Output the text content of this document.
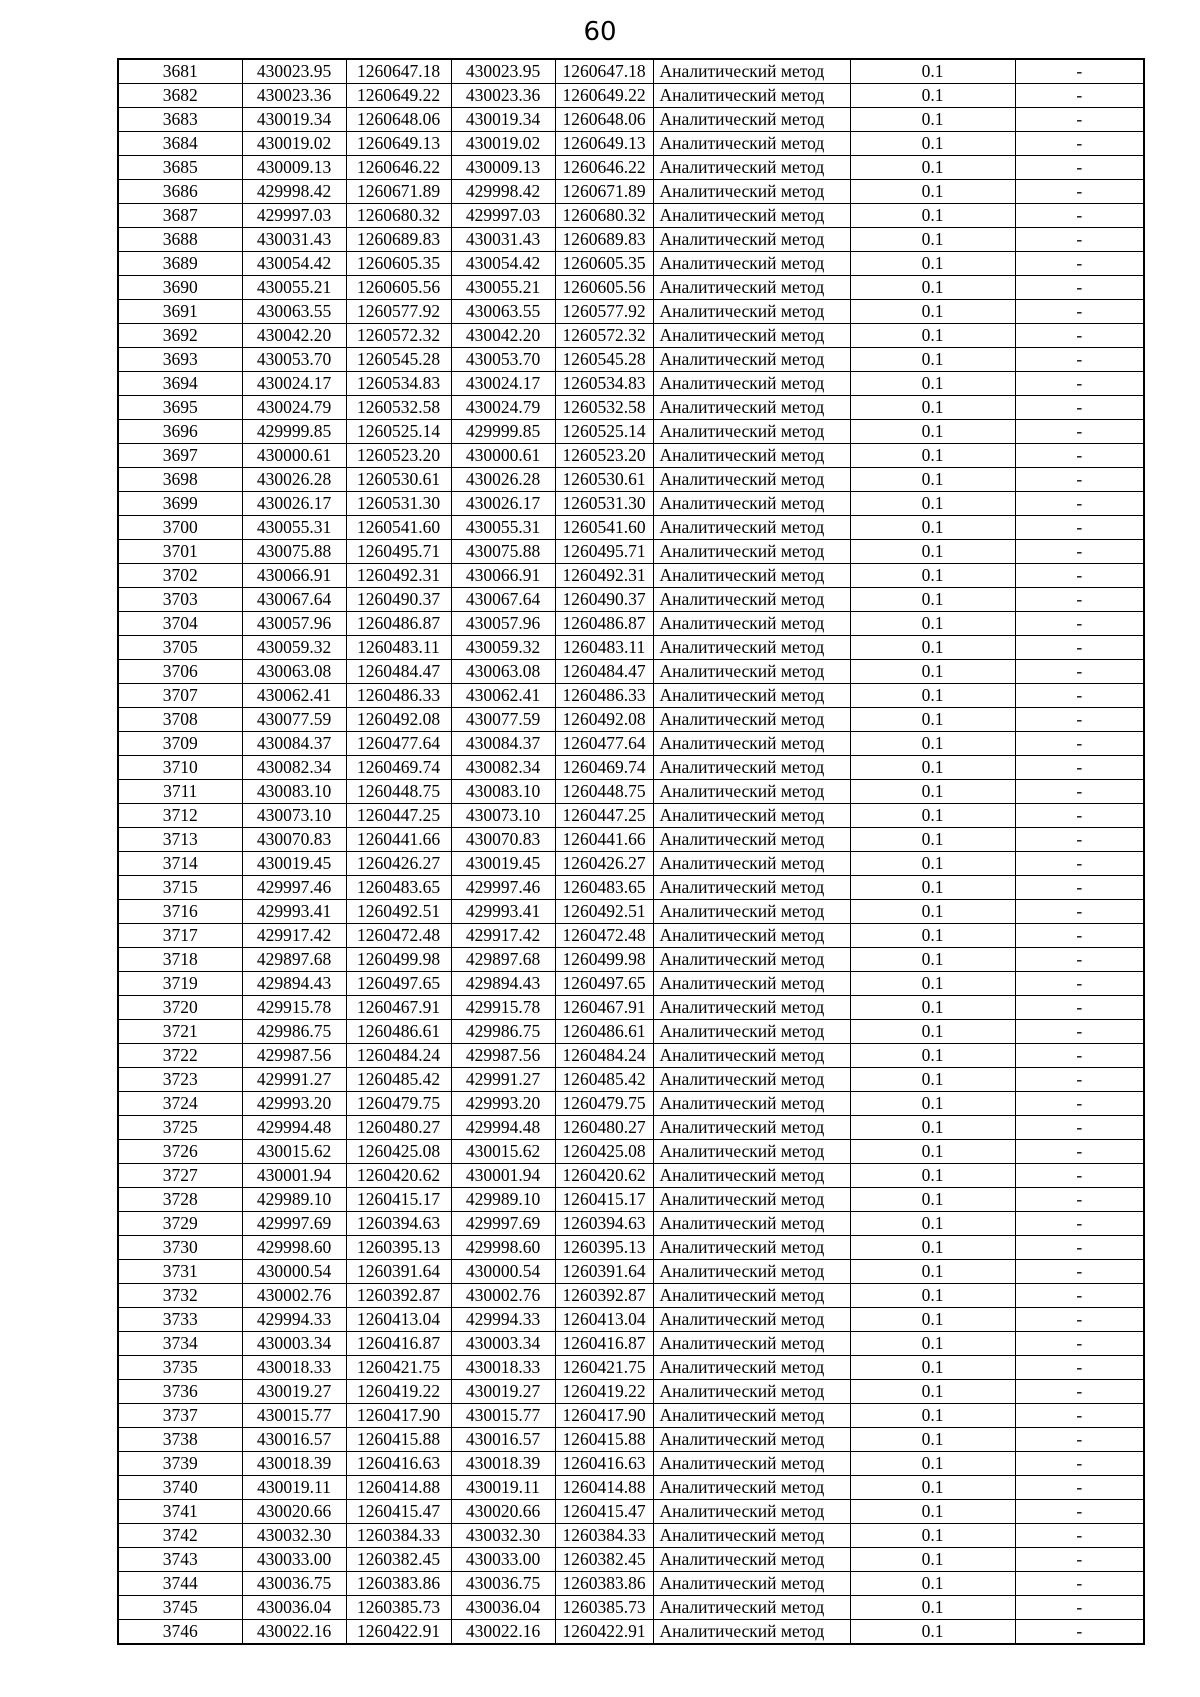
60
3681	430023.95	1260647.18	430023.95	1260647.18	Аналитический метод	0.1	-
3682	430023.36	1260649.22	430023.36	1260649.22	Аналитический метод	0.1	-
3683	430019.34	1260648.06	430019.34	1260648.06	Аналитический метод	0.1	-
3684	430019.02	1260649.13	430019.02	1260649.13	Аналитический метод	0.1	-
3685	430009.13	1260646.22	430009.13	1260646.22	Аналитический метод	0.1	-
3686	429998.42	1260671.89	429998.42	1260671.89	Аналитический метод	0.1	-
3687	429997.03	1260680.32	429997.03	1260680.32	Аналитический метод	0.1	-
3688	430031.43	1260689.83	430031.43	1260689.83	Аналитический метод	0.1	-
3689	430054.42	1260605.35	430054.42	1260605.35	Аналитический метод	0.1	-
3690	430055.21	1260605.56	430055.21	1260605.56	Аналитический метод	0.1	-
3691	430063.55	1260577.92	430063.55	1260577.92	Аналитический метод	0.1	-
3692	430042.20	1260572.32	430042.20	1260572.32	Аналитический метод	0.1	-
3693	430053.70	1260545.28	430053.70	1260545.28	Аналитический метод	0.1	-
3694	430024.17	1260534.83	430024.17	1260534.83	Аналитический метод	0.1	-
3695	430024.79	1260532.58	430024.79	1260532.58	Аналитический метод	0.1	-
3696	429999.85	1260525.14	429999.85	1260525.14	Аналитический метод	0.1	-
3697	430000.61	1260523.20	430000.61	1260523.20	Аналитический метод	0.1	-
3698	430026.28	1260530.61	430026.28	1260530.61	Аналитический метод	0.1	-
3699	430026.17	1260531.30	430026.17	1260531.30	Аналитический метод	0.1	-
3700	430055.31	1260541.60	430055.31	1260541.60	Аналитический метод	0.1	-
3701	430075.88	1260495.71	430075.88	1260495.71	Аналитический метод	0.1	-
3702	430066.91	1260492.31	430066.91	1260492.31	Аналитический метод	0.1	-
3703	430067.64	1260490.37	430067.64	1260490.37	Аналитический метод	0.1	-
3704	430057.96	1260486.87	430057.96	1260486.87	Аналитический метод	0.1	-
3705	430059.32	1260483.11	430059.32	1260483.11	Аналитический метод	0.1	-
3706	430063.08	1260484.47	430063.08	1260484.47	Аналитический метод	0.1	-
3707	430062.41	1260486.33	430062.41	1260486.33	Аналитический метод	0.1	-
3708	430077.59	1260492.08	430077.59	1260492.08	Аналитический метод	0.1	-
3709	430084.37	1260477.64	430084.37	1260477.64	Аналитический метод	0.1	-
3710	430082.34	1260469.74	430082.34	1260469.74	Аналитический метод	0.1	-
3711	430083.10	1260448.75	430083.10	1260448.75	Аналитический метод	0.1	-
3712	430073.10	1260447.25	430073.10	1260447.25	Аналитический метод	0.1	-
3713	430070.83	1260441.66	430070.83	1260441.66	Аналитический метод	0.1	-
3714	430019.45	1260426.27	430019.45	1260426.27	Аналитический метод	0.1	-
3715	429997.46	1260483.65	429997.46	1260483.65	Аналитический метод	0.1	-
3716	429993.41	1260492.51	429993.41	1260492.51	Аналитический метод	0.1	-
3717	429917.42	1260472.48	429917.42	1260472.48	Аналитический метод	0.1	-
3718	429897.68	1260499.98	429897.68	1260499.98	Аналитический метод	0.1	-
3719	429894.43	1260497.65	429894.43	1260497.65	Аналитический метод	0.1	-
3720	429915.78	1260467.91	429915.78	1260467.91	Аналитический метод	0.1	-
3721	429986.75	1260486.61	429986.75	1260486.61	Аналитический метод	0.1	-
3722	429987.56	1260484.24	429987.56	1260484.24	Аналитический метод	0.1	-
3723	429991.27	1260485.42	429991.27	1260485.42	Аналитический метод	0.1	-
3724	429993.20	1260479.75	429993.20	1260479.75	Аналитический метод	0.1	-
3725	429994.48	1260480.27	429994.48	1260480.27	Аналитический метод	0.1	-
3726	430015.62	1260425.08	430015.62	1260425.08	Аналитический метод	0.1	-
3727	430001.94	1260420.62	430001.94	1260420.62	Аналитический метод	0.1	-
3728	429989.10	1260415.17	429989.10	1260415.17	Аналитический метод	0.1	-
3729	429997.69	1260394.63	429997.69	1260394.63	Аналитический метод	0.1	-
3730	429998.60	1260395.13	429998.60	1260395.13	Аналитический метод	0.1	-
3731	430000.54	1260391.64	430000.54	1260391.64	Аналитический метод	0.1	-
3732	430002.76	1260392.87	430002.76	1260392.87	Аналитический метод	0.1	-
3733	429994.33	1260413.04	429994.33	1260413.04	Аналитический метод	0.1	-
3734	430003.34	1260416.87	430003.34	1260416.87	Аналитический метод	0.1	-
3735	430018.33	1260421.75	430018.33	1260421.75	Аналитический метод	0.1	-
3736	430019.27	1260419.22	430019.27	1260419.22	Аналитический метод	0.1	-
3737	430015.77	1260417.90	430015.77	1260417.90	Аналитический метод	0.1	-
3738	430016.57	1260415.88	430016.57	1260415.88	Аналитический метод	0.1	-
3739	430018.39	1260416.63	430018.39	1260416.63	Аналитический метод	0.1	-
3740	430019.11	1260414.88	430019.11	1260414.88	Аналитический метод	0.1	-
3741	430020.66	1260415.47	430020.66	1260415.47	Аналитический метод	0.1	-
3742	430032.30	1260384.33	430032.30	1260384.33	Аналитический метод	0.1	-
3743	430033.00	1260382.45	430033.00	1260382.45	Аналитический метод	0.1	-
3744	430036.75	1260383.86	430036.75	1260383.86	Аналитический метод	0.1	-
3745	430036.04	1260385.73	430036.04	1260385.73	Аналитический метод	0.1	-
3746	430022.16	1260422.91	430022.16	1260422.91	Аналитический метод	0.1	-
